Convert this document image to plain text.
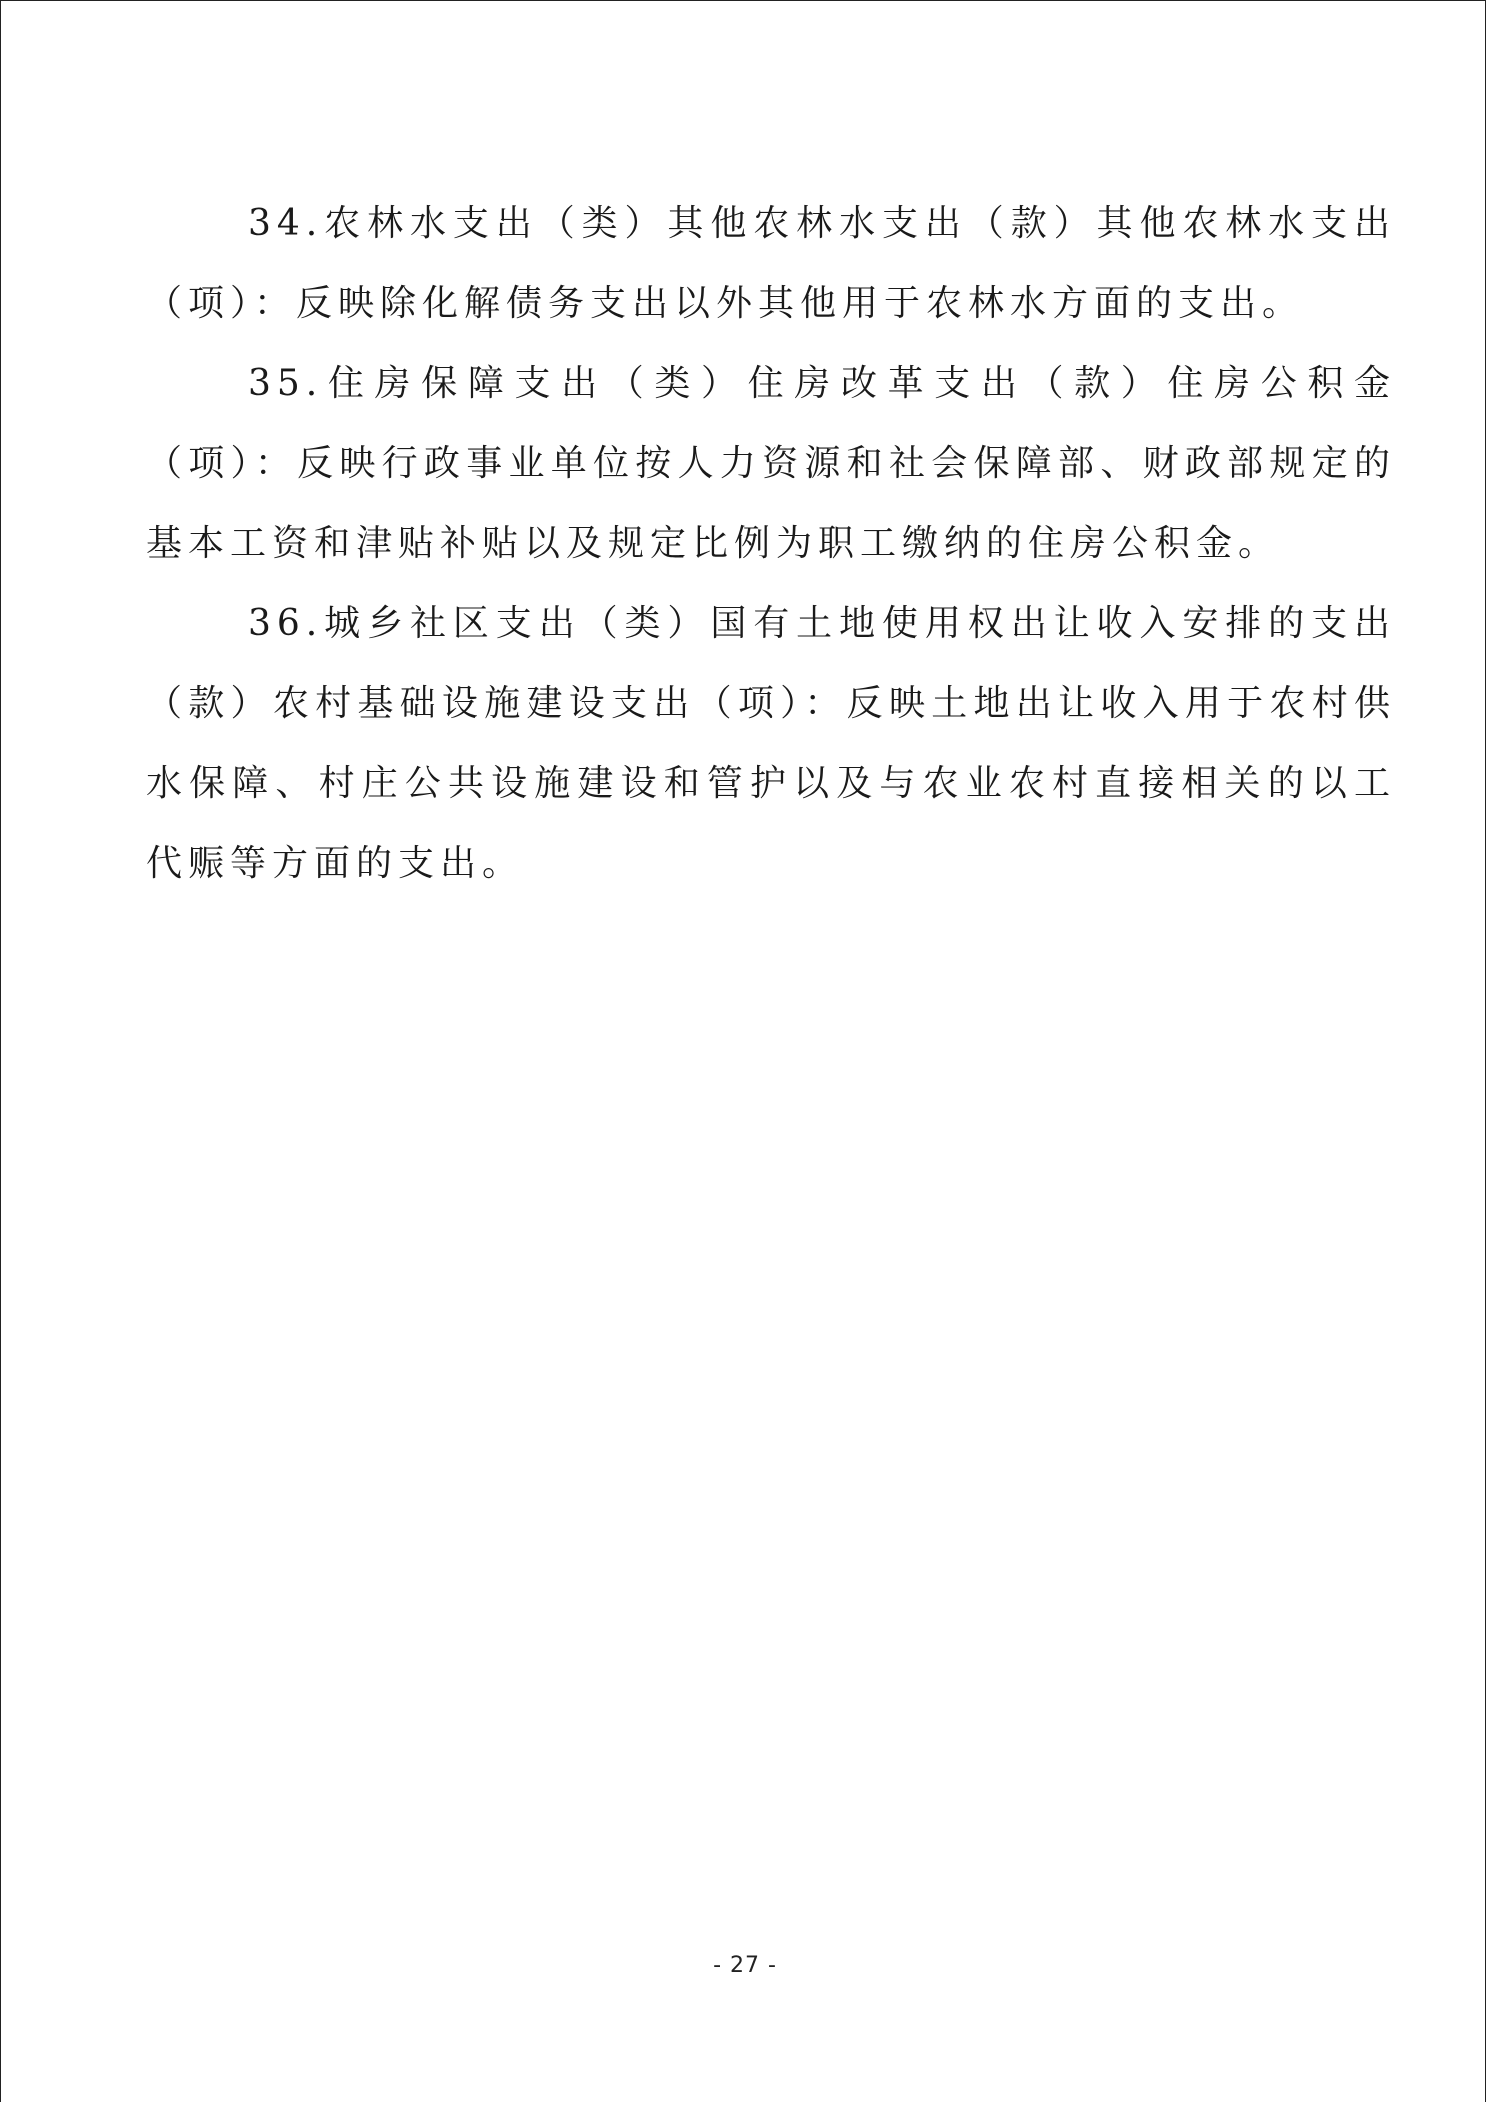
34.农林水支出（类）其他农林水支出（款）其他农林水支出（项）：反映除化解债务支出以外其他用于农林水方面的支出。

35.住房保障支出（类）住房改革支出（款）住房公积金（项）：反映行政事业单位按人力资源和社会保障部、财政部规定的 基本工资和津贴补贴以及规定比例为职工缴纳的住房公积金。

36.城乡社区支出（类）国有土地使用权出让收入安排的支出（款）农村基础设施建设支出（项）：反映土地出让收入用于农村供水保障、村庄公共设施建设和管护以及与农业农村直接相关的以工代赈等方面的支出。

- 27 -
